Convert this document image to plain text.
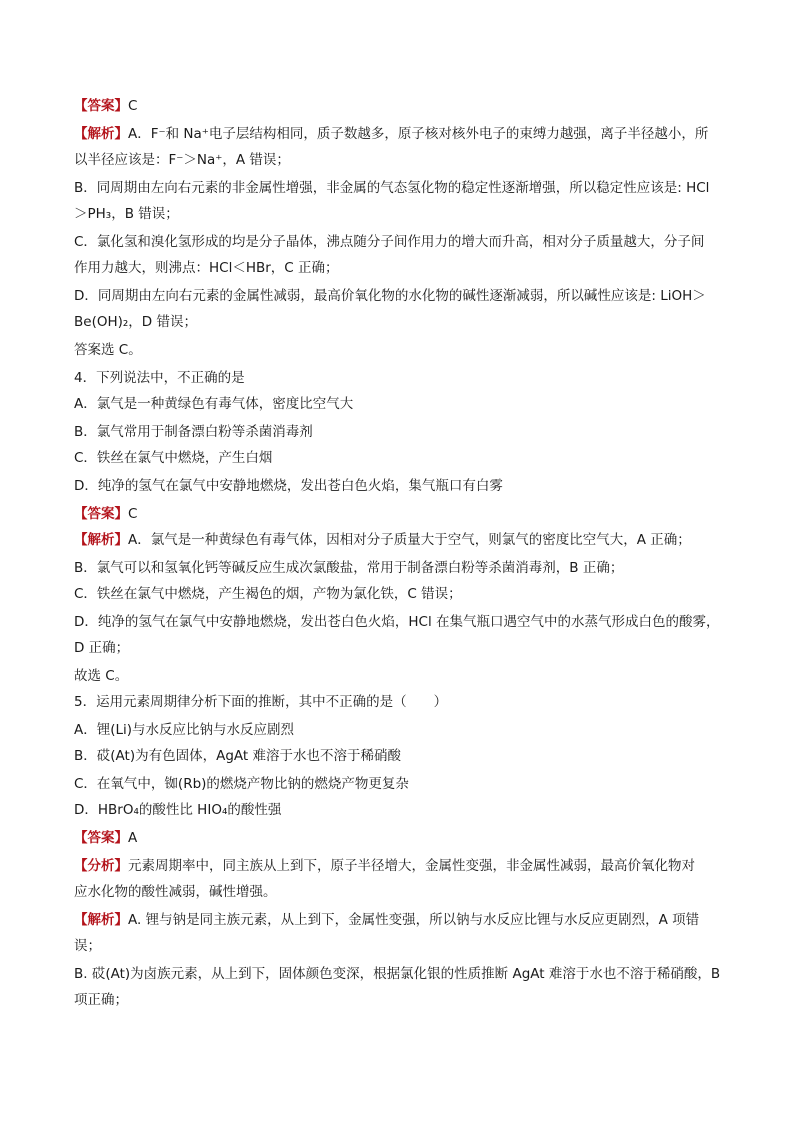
【答案】C
【解析】A．F⁻和 Na⁺电子层结构相同，质子数越多，原子核对核外电子的束缚力越强，离子半径越小，所
以半径应该是：F⁻＞Na⁺，A 错误；
B．同周期由左向右元素的非金属性增强，非金属的气态氢化物的稳定性逐渐增强，所以稳定性应该是: HCl
＞PH₃，B 错误；
C．氯化氢和溴化氢形成的均是分子晶体，沸点随分子间作用力的增大而升高，相对分子质量越大，分子间
作用力越大，则沸点：HCl＜HBr，C 正确；
D．同周期由左向右元素的金属性减弱，最高价氧化物的水化物的碱性逐渐减弱，所以碱性应该是: LiOH＞
Be(OH)₂，D 错误；
答案选 C。
4．下列说法中，不正确的是
A．氯气是一种黄绿色有毒气体，密度比空气大
B．氯气常用于制备漂白粉等杀菌消毒剂
C．铁丝在氯气中燃烧，产生白烟
D．纯净的氢气在氯气中安静地燃烧，发出苍白色火焰，集气瓶口有白雾
【答案】C
【解析】A．氯气是一种黄绿色有毒气体，因相对分子质量大于空气，则氯气的密度比空气大，A 正确；
B．氯气可以和氢氧化钙等碱反应生成次氯酸盐，常用于制备漂白粉等杀菌消毒剂，B 正确；
C．铁丝在氯气中燃烧，产生褐色的烟，产物为氯化铁，C 错误；
D．纯净的氢气在氯气中安静地燃烧，发出苍白色火焰，HCl 在集气瓶口遇空气中的水蒸气形成白色的酸雾，
D 正确；
故选 C。
5．运用元素周期律分析下面的推断，其中不正确的是（　　）
A．锂(Li)与水反应比钠与水反应剧烈
B．砹(At)为有色固体，AgAt 难溶于水也不溶于稀硝酸
C．在氧气中，铷(Rb)的燃烧产物比钠的燃烧产物更复杂
D．HBrO₄的酸性比 HIO₄的酸性强
【答案】A
【分析】元素周期率中，同主族从上到下，原子半径增大，金属性变强，非金属性减弱，最高价氧化物对
应水化物的酸性减弱，碱性增强。
【解析】A. 锂与钠是同主族元素，从上到下，金属性变强，所以钠与水反应比锂与水反应更剧烈，A 项错
误；
B. 砹(At)为卤族元素，从上到下，固体颜色变深，根据氯化银的性质推断 AgAt 难溶于水也不溶于稀硝酸，B
项正确；
